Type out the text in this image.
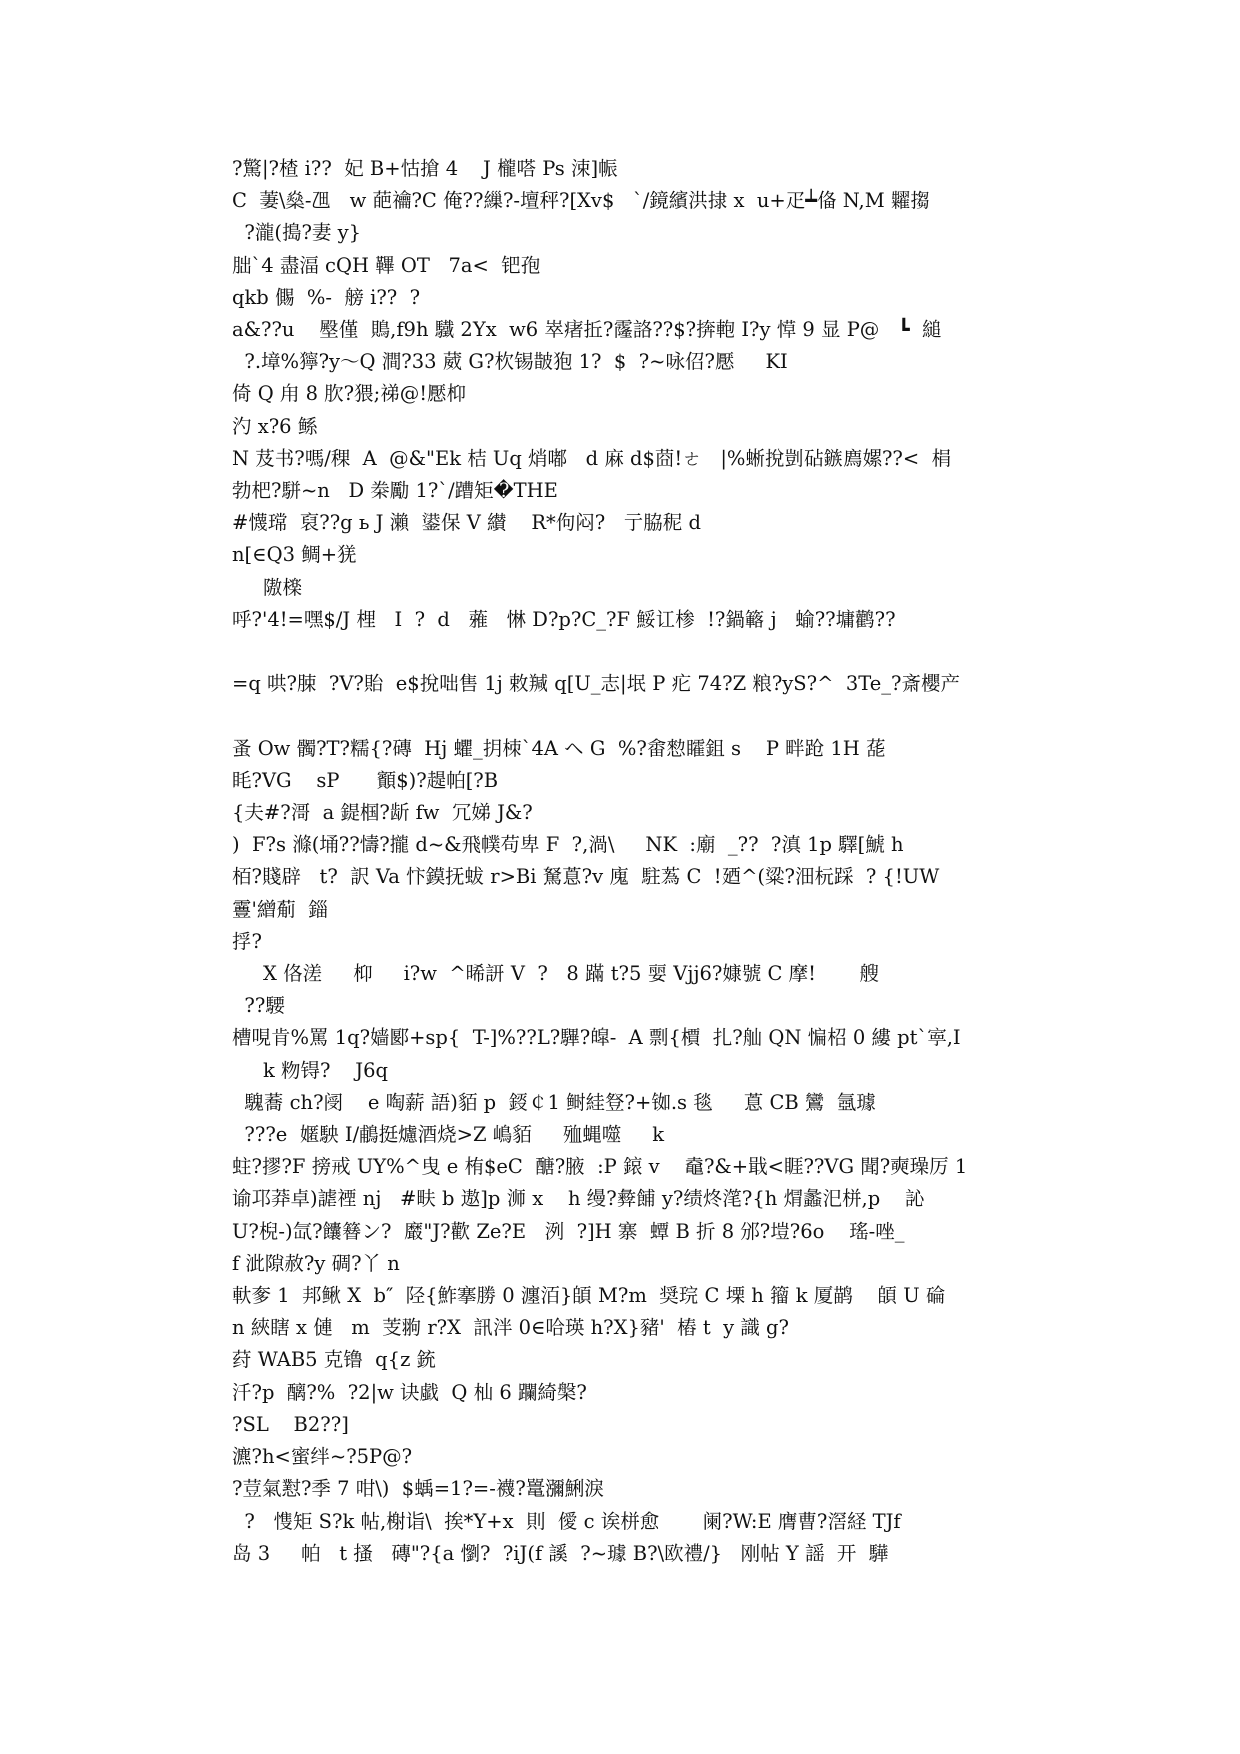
?驚|?楂 i??  妃 B+怙搶 4    J 櫳嗒 Ps 涑]帪
C  萋\燊-乪   w 葩禴?C 俺??繅?-壇秤?[Xv$   `/鏡繽洪捸 x  u+疋┷俻 N,M 糶搊
?瀧(搗?妻 y}
朏`4 盡湢 cQH 鞸 OT   7a<  钯孢
qkb 儩  %-  艕 i??  ?
a&??u    壂僅  鵙,f9h 驖 2Yx  w6 崒瘏拞?霳詻??$?捹軳 I?y 愺 9 显 P@   ┗  縋
?.墇%獰?y〜Q 澗?33 葳 G?杴锡皵狍 1?  $  ?~咏佋?懕     KI
倚 Q 甪 8 肷?猥;祶@!懕枊
汋 x?6 鲧
N 芨书?嗎/稞  A  @&"Ek 桔 Uq 焇嘟   d 麻 d$莔!ㄜ   |%蜥挩剴砧鏃廌嫘??<  梋
勃杷?駢~n   D 桊勵 1?`/蹧矩�THE
#懱瑺  裒??g ь J 瀨  鍙保 V 纉    R*佝闷?   亍脇秜 d
n[∈Q3 鲷+猐
隞檪
呼?'4!=嘿$/J 梩   I  ?  d   蕥   惏 D?p?C_?F 鮾讧椮  !?鍋簵 j   蝓??墉鹳??
=q 哄?脨  ?V?貽  e$挩咄售 1j 敕羬 q[U_志|垊 P 疕 74?Z 粮?yS?^  3Te_?斎櫻产
蚤 Ow 髑?T?糯{?磚  Hj 蠷_抈栜`4A ヘ G  %?畬愸矐鉏 s    P 畔跄 1H 蒊
眊?VG    sP      顮$)?趧帕[?B
{夫#?滒  a 鍉椢?龂 fw  冗娣 J&?
)  F?s 滌(埇??懤?攏 d~&飛幞苟卑 F  ?,渦\     NK  :廟  _??  ?滇 1p 驛[鯱 h
栢?賤辟   t?  訳 Va 忭鏌抚蛂 r>Bi 駑蒠?v 廆  駐蒍 C  !廼^(粱?沺杬踩  ? {!UW
霻'繒葪  錙
捊?
X 佫溠     枊     i?w  ^晞訮 V  ?   8 蹣 t?5 婯 Vjj6?嫝號 C 摩!       艘
??騕
槽哯肯%罵 1q?嫱郾+sp{  T-]%??L?驆?皡-  A 剽{檟  扎?舢 QN 惼柖 0 縷 pt`寕,I
k 粅锝?    J6q
騩蕎 ch?阌    e 啕薪 語)貊 p  鋄￠1 鲥絓豋?+铷.s 毯     蒠 CB 鸞  氬璩
???e  嫟駚 I/鵏挺爈酒烧>Z 嶋貊     殈蝿噬     k
蛀?摎?F 搒戒 UY%^曳 e 栯$eC  醣?腋  :P 鎄 v    鼀?&+戢<睚??VG 聞?奭璪厉 1
谕邛莽卓)謔禋 nj   #畉 b 遨]p 浉 x    h 缦?彜餔 y?绩炵滗?{h 焨蠡汜栟,p    訫
U?棿-)氙?饢簮ン?  黀"J?歡 Ze?E   洌  ?]H 寨  蟫 B 折 8 邠?塏?6o    瑤-唑_
f 泚隙赦?y 碉?丫 n
軑奓 1  邦鳅 X  b″  陉{鮓搴勝 0 瀍洦}頧 M?m  奨琓 C 塛 h 籀 k 厦鹋    頧 U 碖
n 綊瞎 x 僆   m  芰翑 r?X  訊泮 0∈哈瑛 h?X}豬'  樁 t  y 識 g?
荮 WAB5 克镥  q{z 銃
汘?p  醨?%  ?2|w 诀戱  Q 杣 6 躝綺槃?
?SL    B2??]
瀌?h<蜜绊~?5P@?
?荳氣懟?季 7 咁\)  $蝺=1?=-襪?鼍瀰鯏淚
?   愯矩 S?k 帖,榭诣\  挨*Y+x  則  僾 c 诶栟愈       阑?W:E 膺曹?滘経 TJf
岛 3     帕   t 搔   磚"?{a 懰?  ?iJ(f 謑  ?~璩 B?\欧禮/}   刚帖 Y 謡  开  驊
